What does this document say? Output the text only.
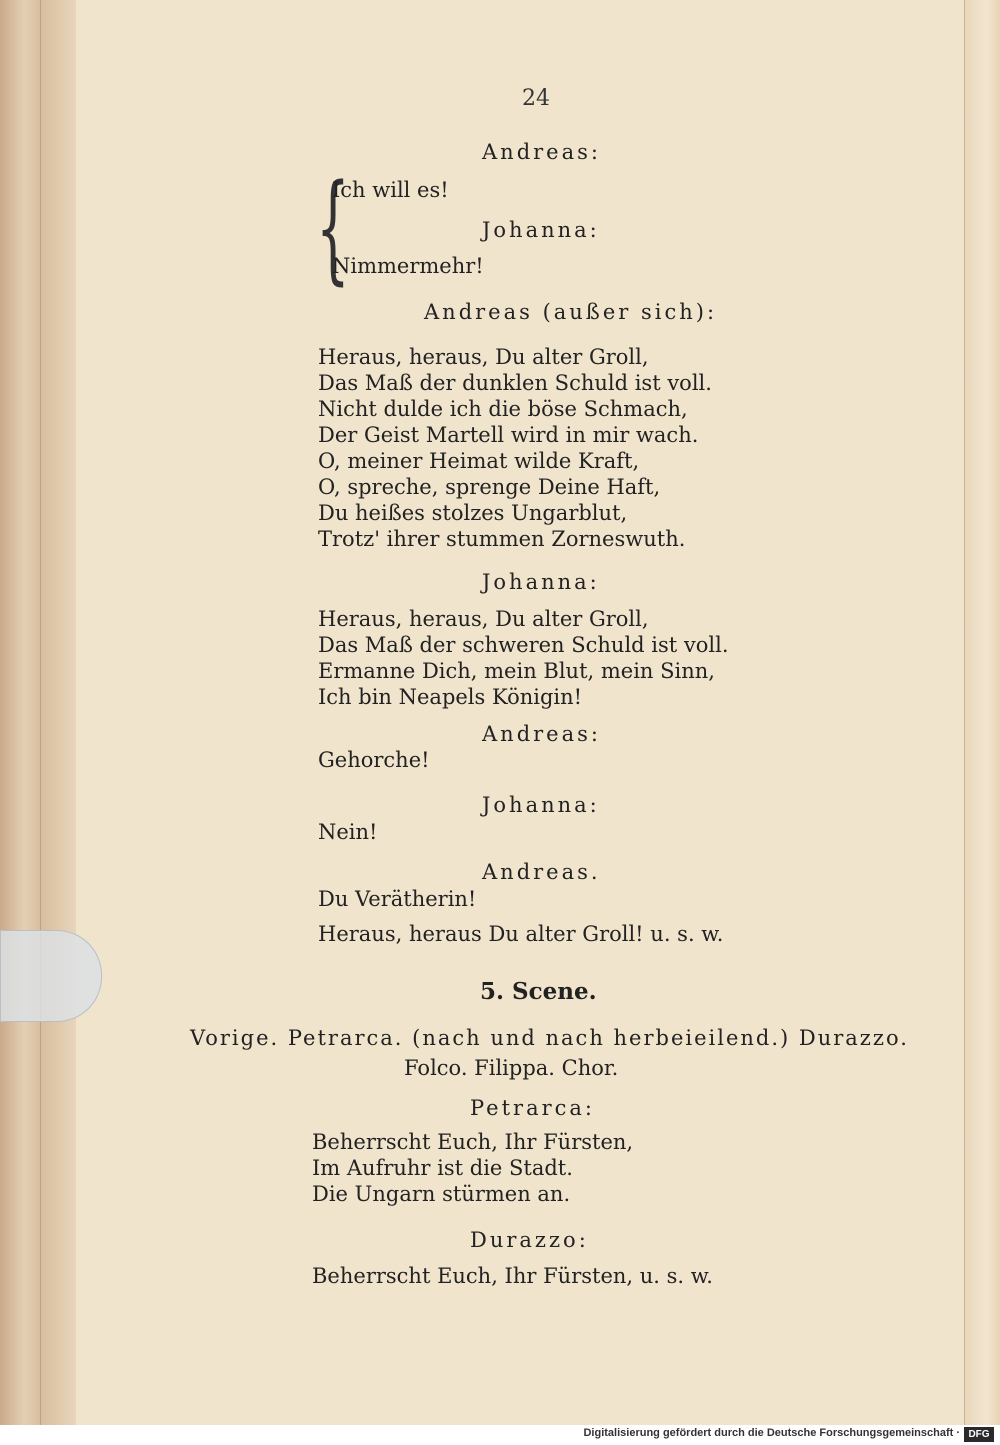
24
Andreas:
{
Ich will es!
Johanna:
Nimmermehr!
Andreas (außer sich):
Heraus, heraus, Du alter Groll,
Das Maß der dunklen Schuld ist voll.
Nicht dulde ich die böse Schmach,
Der Geist Martell wird in mir wach.
O, meiner Heimat wilde Kraft,
O, spreche, sprenge Deine Haft,
Du heißes stolzes Ungarblut,
Trotz' ihrer stummen Zorneswuth.
Johanna:
Heraus, heraus, Du alter Groll,
Das Maß der schweren Schuld ist voll.
Ermanne Dich, mein Blut, mein Sinn,
Ich bin Neapels Königin!
Andreas:
Gehorche!
Johanna:
Nein!
Andreas.
Du Verätherin!
Heraus, heraus Du alter Groll! u. s. w.
5. Scene.
Vorige. Petrarca. (nach und nach herbeieilend.) Durazzo.
Folco. Filippa. Chor.
Petrarca:
Beherrscht Euch, Ihr Fürsten,
Im Aufruhr ist die Stadt.
Die Ungarn stürmen an.
Durazzo:
Beherrscht Euch, Ihr Fürsten, u. s. w.
Digitalisierung gefördert durch die Deutsche Forschungsgemeinschaft · DFG
